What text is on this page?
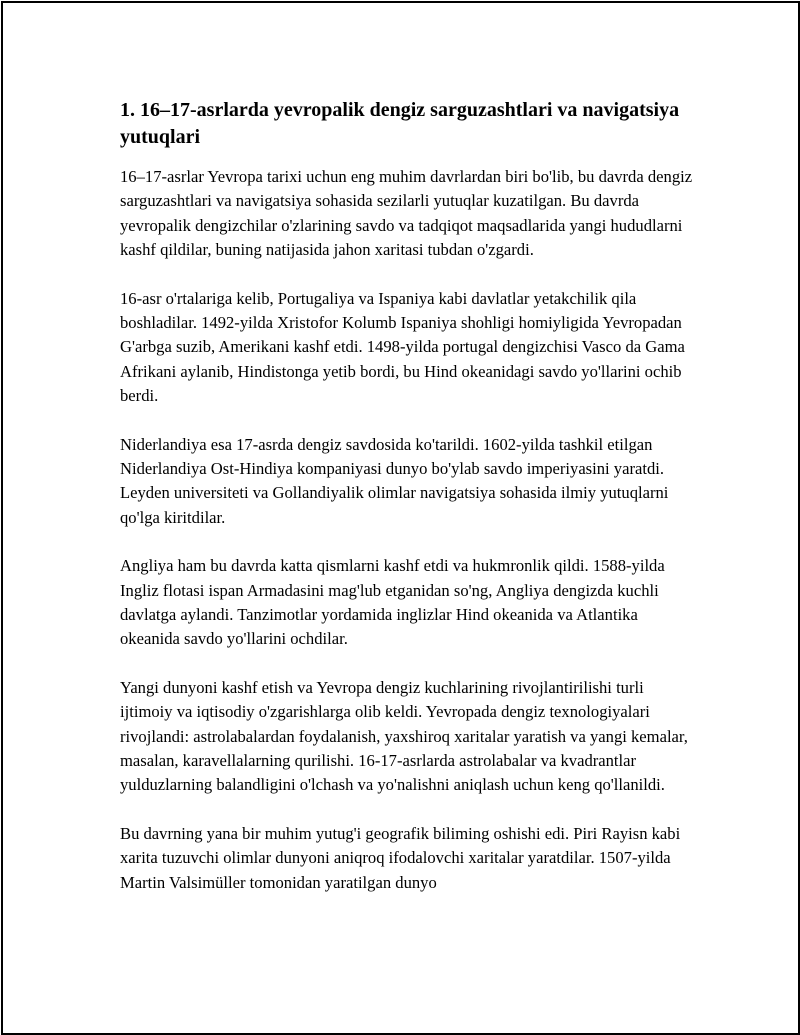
1. 16–17-asrlarda yevropalik dengiz sarguzashtlari va navigatsiya yutuqlari

16–17-asrlar Yevropa tarixi uchun eng muhim davrlardan biri bo'lib, bu davrda dengiz sarguzashtlari va navigatsiya sohasida sezilarli yutuqlar kuzatilgan. Bu davrda yevropalik dengizchilar o'zlarining savdo va tadqiqot maqsadlarida yangi hududlarni kashf qildilar, buning natijasida jahon xaritasi tubdan o'zgardi.

16-asr o'rtalariga kelib, Portugaliya va Ispaniya kabi davlatlar yetakchilik qila boshladilar. 1492-yilda Xristofor Kolumb Ispaniya shohligi homiyligida Yevropadan G'arbga suzib, Amerikani kashf etdi. 1498-yilda portugal dengizchisi Vasco da Gama Afrikani aylanib, Hindistonga yetib bordi, bu Hind okeanidagi savdo yo'llarini ochib berdi.

Niderlandiya esa 17-asrda dengiz savdosida ko'tarildi. 1602-yilda tashkil etilgan Niderlandiya Ost-Hindiya kompaniyasi dunyo bo'ylab savdo imperiyasini yaratdi. Leyden universiteti va Gollandiyalik olimlar navigatsiya sohasida ilmiy yutuqlarni qo'lga kiritdilar.

Angliya ham bu davrda katta qismlarni kashf etdi va hukmronlik qildi. 1588-yilda Ingliz flotasi ispan Armadasini mag'lub etganidan so'ng, Angliya dengizda kuchli davlatga aylandi. Tanzimotlar yordamida inglizlar Hind okeanida va Atlantika okeanida savdo yo'llarini ochdilar.

Yangi dunyoni kashf etish va Yevropa dengiz kuchlarining rivojlantirilishi turli ijtimoiy va iqtisodiy o'zgarishlarga olib keldi. Yevropada dengiz texnologiyalari rivojlandi: astrolabalardan foydalanish, yaxshiroq xaritalar yaratish va yangi kemalar, masalan, karavellalarning qurilishi. 16-17-asrlarda astrolabalar va kvadrantlar yulduzlarning balandligini o'lchash va yo'nalishni aniqlash uchun keng qo'llanildi.

Bu davrning yana bir muhim yutug'i geografik biliming oshishi edi. Piri Rayisn kabi xarita tuzuvchi olimlar dunyoni aniqroq ifodalovchi xaritalar yaratdilar. 1507-yilda Martin Valsimüller tomonidan yaratilgan dunyo
